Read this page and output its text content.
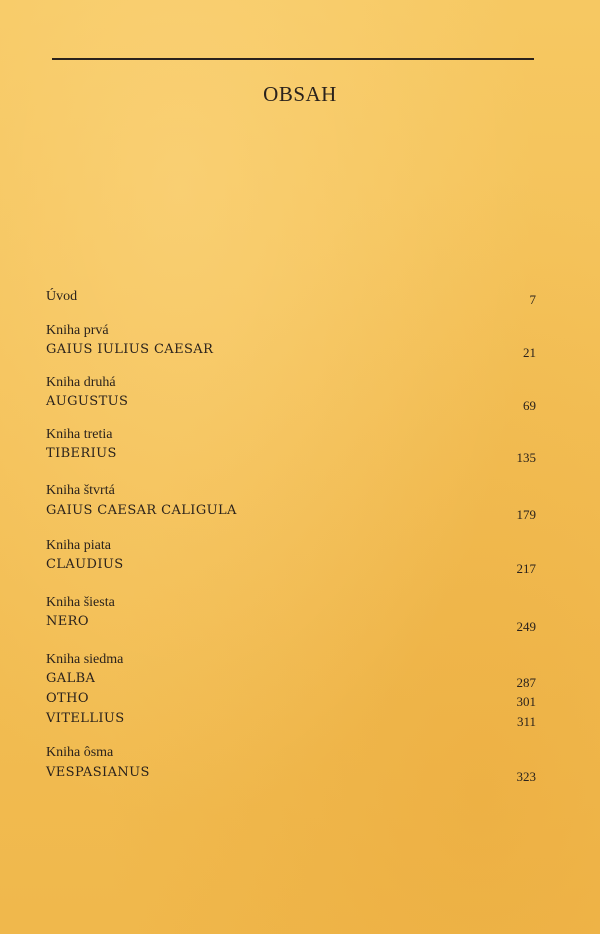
OBSAH
Úvod	7
Kniha prvá
GAIUS IULIUS CAESAR	21
Kniha druhá
AUGUSTUS	69
Kniha tretia
TIBERIUS	135
Kniha štvrtá
GAIUS CAESAR CALIGULA	179
Kniha piata
CLAUDIUS	217
Kniha šiesta
NERO	249
Kniha siedma
GALBA	287
OTHO	301
VITELLIUS	311
Kniha ôsma
VESPASIANUS	323
